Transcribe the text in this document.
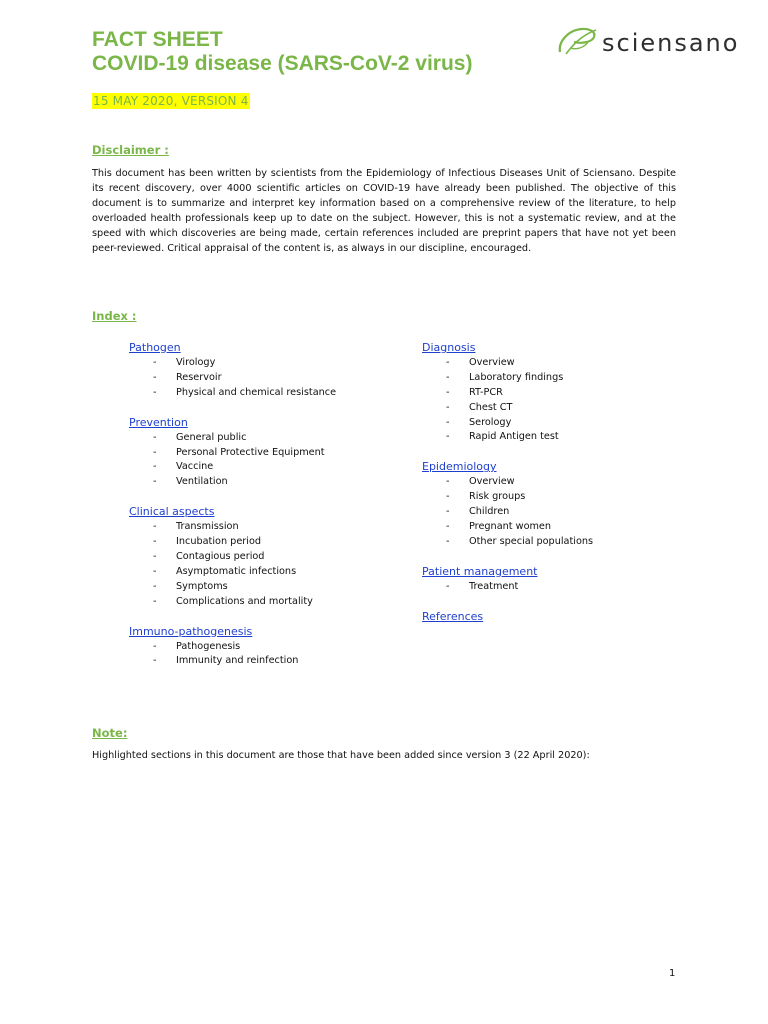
FACT SHEET
COVID-19 disease (SARS-CoV-2 virus)
sciensano
15 MAY 2020, VERSION 4
Disclaimer :
This document has been written by scientists from the Epidemiology of Infectious Diseases Unit of Sciensano. Despite its recent discovery, over 4000 scientific articles on COVID-19 have already been published. The objective of this document is to summarize and interpret key information based on a comprehensive review of the literature, to help overloaded health professionals keep up to date on the subject. However, this is not a systematic review, and at the speed with which discoveries are being made, certain references included are preprint papers that have not yet been peer-reviewed. Critical appraisal of the content is, as always in our discipline, encouraged.
Index :
Pathogen
- Virology
- Reservoir
- Physical and chemical resistance
Prevention
- General public
- Personal Protective Equipment
- Vaccine
- Ventilation
Clinical aspects
- Transmission
- Incubation period
- Contagious period
- Asymptomatic infections
- Symptoms
- Complications and mortality
Immuno-pathogenesis
- Pathogenesis
- Immunity and reinfection
Diagnosis
- Overview
- Laboratory findings
- RT-PCR
- Chest CT
- Serology
- Rapid Antigen test
Epidemiology
- Overview
- Risk groups
- Children
- Pregnant women
- Other special populations
Patient management
- Treatment
References
Note:
Highlighted sections in this document are those that have been added since version 3 (22 April 2020):
1
